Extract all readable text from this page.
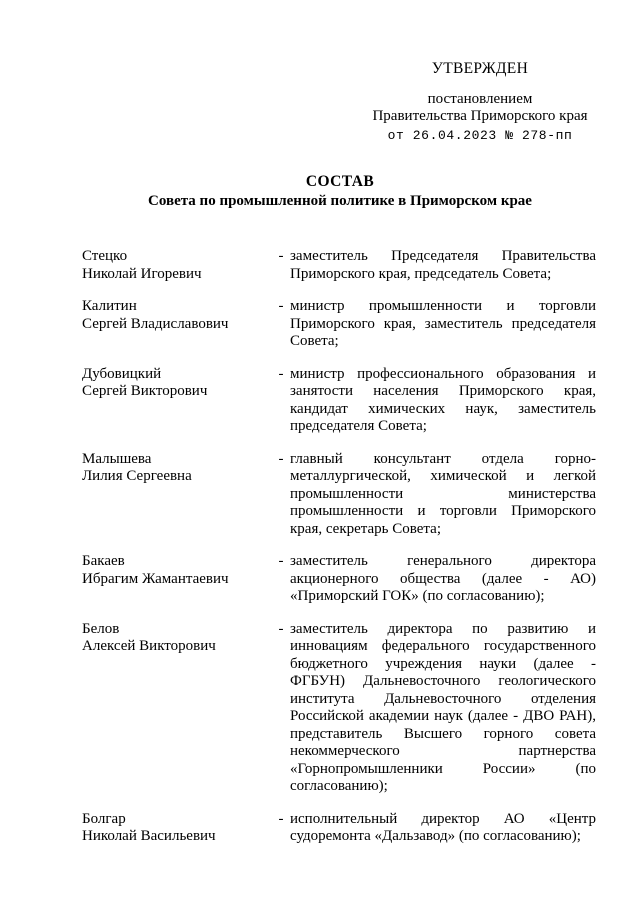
УТВЕРЖДЕН
постановлением
Правительства Приморского края
от 26.04.2023 № 278-пп
СОСТАВ
Совета по промышленной политике в Приморском крае
Стецко
Николай Игоревич
- заместитель Председателя Правительства Приморского края, председатель Совета;
Калитин
Сергей Владиславович
- министр промышленности и торговли Приморского края, заместитель председателя Совета;
Дубовицкий
Сергей Викторович
- министр профессионального образования и занятости населения Приморского края, кандидат химических наук, заместитель председателя Совета;
Малышева
Лилия Сергеевна
- главный консультант отдела горно-металлургической, химической и легкой промышленности министерства промышленности и торговли Приморского края, секретарь Совета;
Бакаев
Ибрагим Жамантаевич
- заместитель генерального директора акционерного общества (далее - АО) «Приморский ГОК» (по согласованию);
Белов
Алексей Викторович
- заместитель директора по развитию и инновациям федерального государственного бюджетного учреждения науки (далее - ФГБУН) Дальневосточного геологического института Дальневосточного отделения Российской академии наук (далее - ДВО РАН), представитель Высшего горного совета некоммерческого партнерства «Горнопромышленники России» (по согласованию);
Болгар
Николай Васильевич
- исполнительный директор АО «Центр судоремонта «Дальзавод» (по согласованию);
